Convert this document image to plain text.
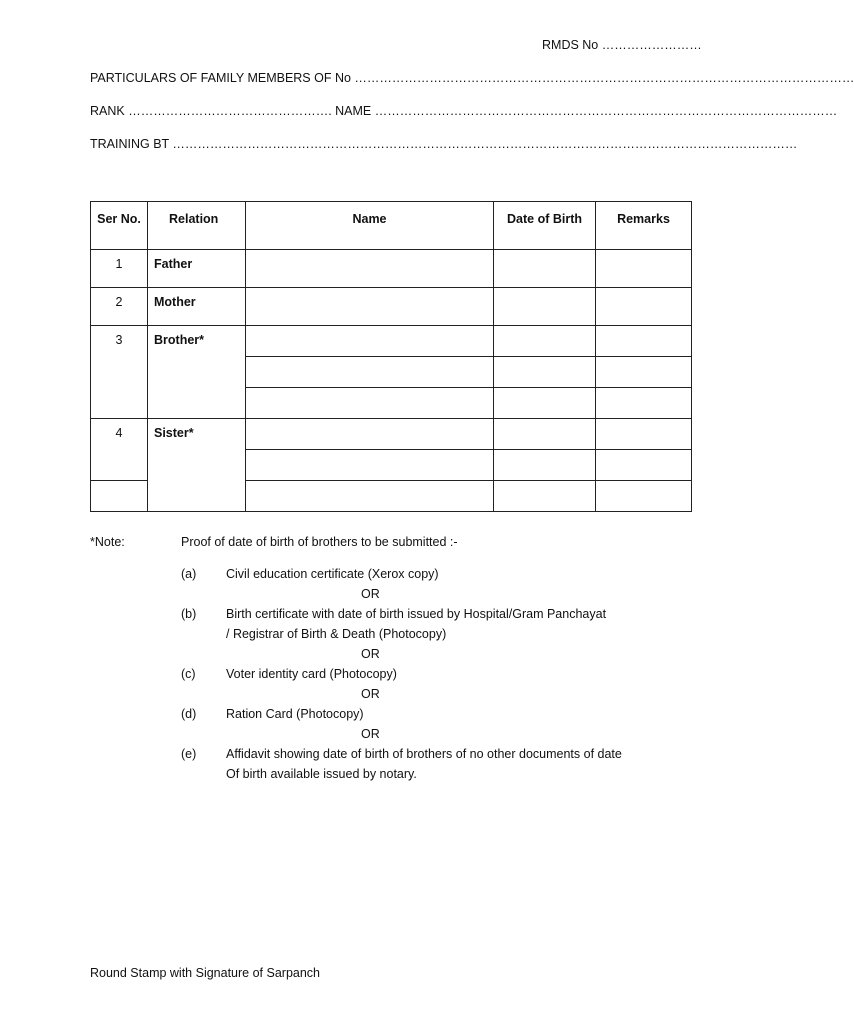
RMDS No ……………………
PARTICULARS OF FAMILY MEMBERS OF No …………………………………………………………………………………………………………
RANK …………………………………………. NAME …………………………………………………………………………………………………
TRAINING BT ……………………………………………………………………………………………………………………………………
Ser No.	Relation	Name	Date of Birth	Remarks
1	Father			
2	Mother			
3	Brother*			

4	Sister*			

*Note:	Proof of date of birth of brothers to be submitted :-
(a) Civil education certificate (Xerox copy)
OR
(b) Birth certificate with date of birth issued by Hospital/Gram Panchayat
/ Registrar of Birth & Death (Photocopy)
OR
(c) Voter identity card (Photocopy)
OR
(d) Ration Card (Photocopy)
OR
(e) Affidavit showing date of birth of brothers of no other documents of date
Of birth available issued by notary.
Round Stamp with Signature of Sarpanch
